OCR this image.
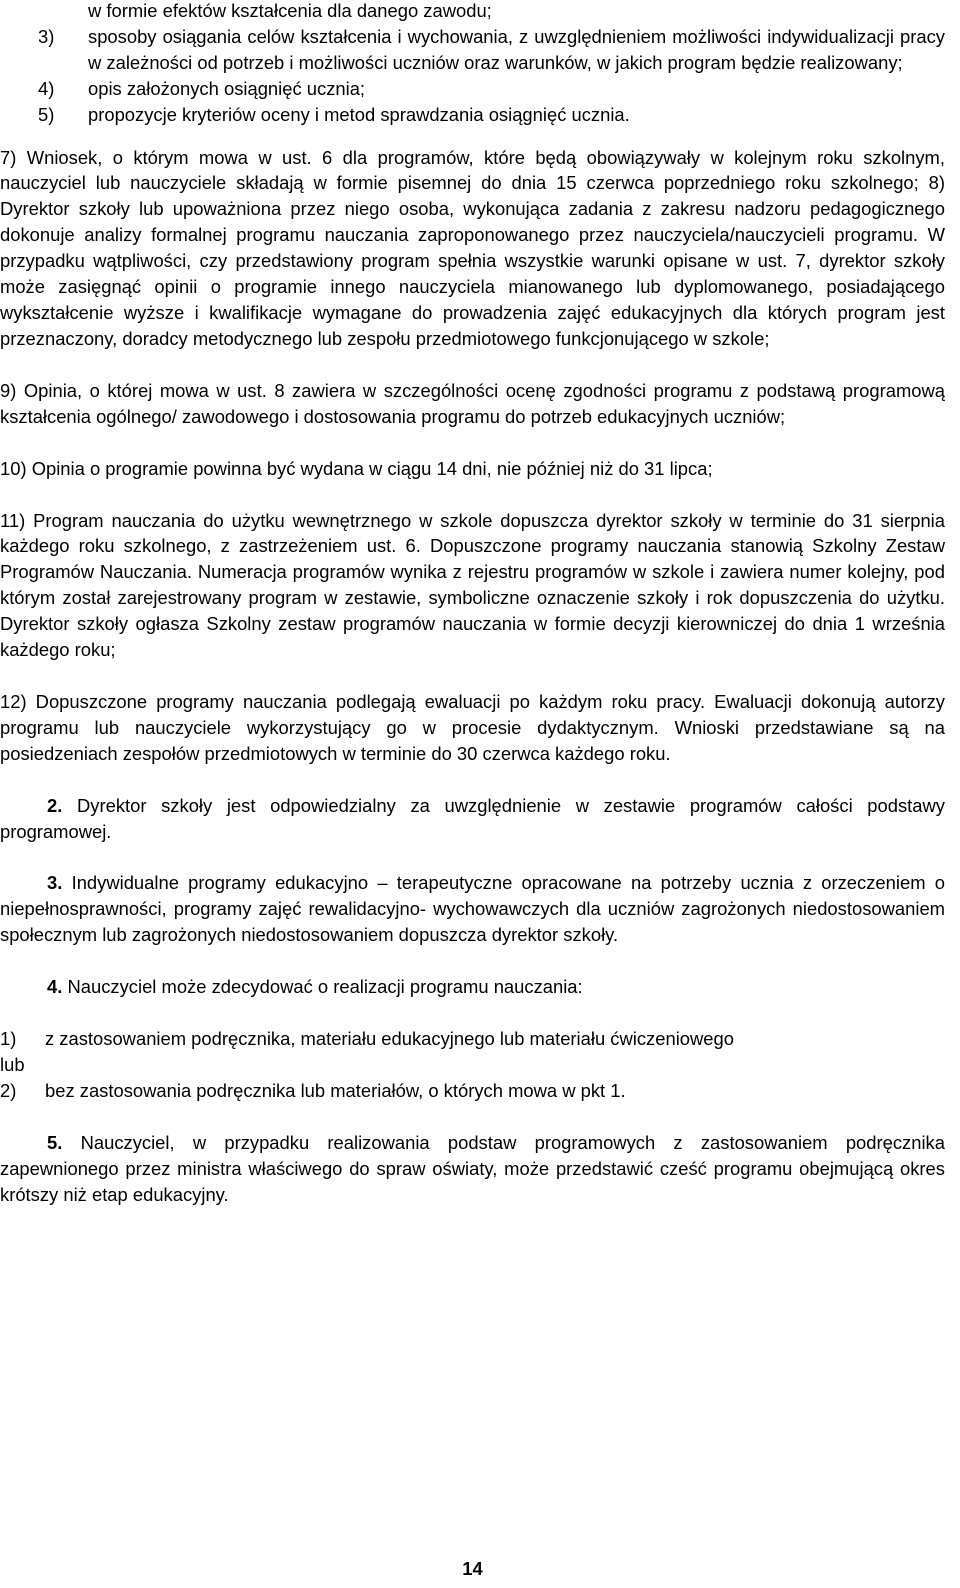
w formie efektów kształcenia dla danego zawodu;

3)	sposoby osiągania celów kształcenia i wychowania, z uwzględnieniem możliwości indywidualizacji pracy w zależności od potrzeb i możliwości uczniów oraz warunków, w jakich program będzie realizowany;
4)	opis założonych osiągnięć ucznia;
5)	propozycje kryteriów oceny i metod sprawdzania osiągnięć ucznia.

7) Wniosek, o którym mowa w ust. 6 dla programów, które będą obowiązywały w kolejnym roku szkolnym, nauczyciel lub nauczyciele składają w formie pisemnej do dnia 15 czerwca poprzedniego roku szkolnego; 8) Dyrektor szkoły lub upoważniona przez niego osoba, wykonująca zadania z zakresu nadzoru pedagogicznego dokonuje analizy formalnej programu nauczania zaproponowanego przez nauczyciela/nauczycieli programu. W przypadku wątpliwości, czy przedstawiony program spełnia wszystkie warunki opisane w ust. 7, dyrektor szkoły może zasięgnąć opinii o programie innego nauczyciela mianowanego lub dyplomowanego, posiadającego wykształcenie wyższe i kwalifikacje wymagane do prowadzenia zajęć edukacyjnych dla których program jest przeznaczony, doradcy metodycznego lub zespołu przedmiotowego funkcjonującego w szkole;

9) Opinia, o której mowa w ust. 8 zawiera w szczególności ocenę zgodności programu z podstawą programową kształcenia ogólnego/ zawodowego i dostosowania programu do potrzeb edukacyjnych uczniów;

10) Opinia o programie powinna być wydana w ciągu 14 dni, nie później niż do 31 lipca;

11) Program nauczania do użytku wewnętrznego w szkole dopuszcza dyrektor szkoły w terminie do 31 sierpnia każdego roku szkolnego, z zastrzeżeniem ust. 6. Dopuszczone programy nauczania stanowią Szkolny Zestaw Programów Nauczania. Numeracja programów wynika z rejestru programów w szkole i zawiera numer kolejny, pod którym został zarejestrowany program w zestawie, symboliczne oznaczenie szkoły i rok dopuszczenia do użytku. Dyrektor szkoły ogłasza Szkolny zestaw programów nauczania w formie decyzji kierowniczej do dnia 1 września każdego roku;

12) Dopuszczone programy nauczania podlegają ewaluacji po każdym roku pracy. Ewaluacji dokonują autorzy programu lub nauczyciele wykorzystujący go w procesie dydaktycznym. Wnioski przedstawiane są na posiedzeniach zespołów przedmiotowych w terminie do 30 czerwca każdego roku.

2. Dyrektor szkoły jest odpowiedzialny za uwzględnienie w zestawie programów całości podstawy programowej.

3. Indywidualne programy edukacyjno – terapeutyczne opracowane na potrzeby ucznia z orzeczeniem o niepełnosprawności, programy zajęć rewalidacyjno- wychowawczych dla uczniów zagrożonych niedostosowaniem społecznym lub zagrożonych niedostosowaniem dopuszcza dyrektor szkoły.

4. Nauczyciel może zdecydować o realizacji programu nauczania:

1)	z zastosowaniem podręcznika, materiału edukacyjnego lub materiału ćwiczeniowego

lub

2)	bez zastosowania podręcznika lub materiałów, o których mowa w pkt 1.

5. Nauczyciel, w przypadku realizowania podstaw programowych z zastosowaniem podręcznika zapewnionego przez ministra właściwego do spraw oświaty, może przedstawić cześć programu obejmującą okres krótszy niż etap edukacyjny.

14
